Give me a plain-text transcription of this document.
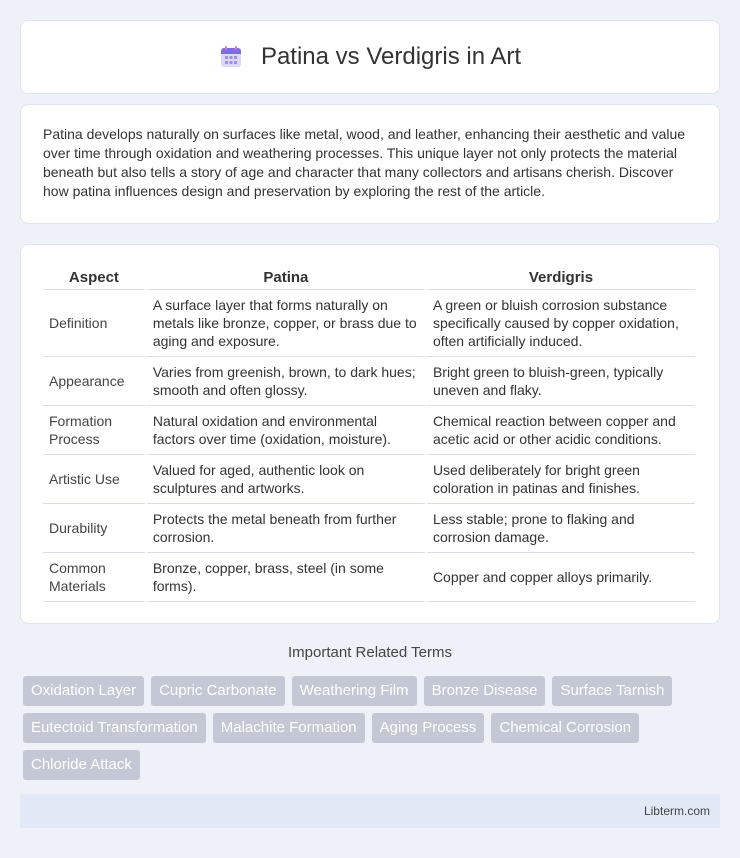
Patina vs Verdigris in Art

Patina develops naturally on surfaces like metal, wood, and leather, enhancing their aesthetic and value over time through oxidation and weathering processes. This unique layer not only protects the material beneath but also tells a story of age and character that many collectors and artisans cherish. Discover how patina influences design and preservation by exploring the rest of the article.

Aspect	Patina	Verdigris
Definition	A surface layer that forms naturally on metals like bronze, copper, or brass due to aging and exposure.	A green or bluish corrosion substance specifically caused by copper oxidation, often artificially induced.
Appearance	Varies from greenish, brown, to dark hues; smooth and often glossy.	Bright green to bluish-green, typically uneven and flaky.
Formation Process	Natural oxidation and environmental factors over time (oxidation, moisture).	Chemical reaction between copper and acetic acid or other acidic conditions.
Artistic Use	Valued for aged, authentic look on sculptures and artworks.	Used deliberately for bright green coloration in patinas and finishes.
Durability	Protects the metal beneath from further corrosion.	Less stable; prone to flaking and corrosion damage.
Common Materials	Bronze, copper, brass, steel (in some forms).	Copper and copper alloys primarily.
Important Related Terms
Oxidation Layer	Cupric Carbonate	Weathering Film	Bronze Disease	Surface Tarnish
Eutectoid Transformation	Malachite Formation	Aging Process	Chemical Corrosion
Chloride Attack
Libterm.com
